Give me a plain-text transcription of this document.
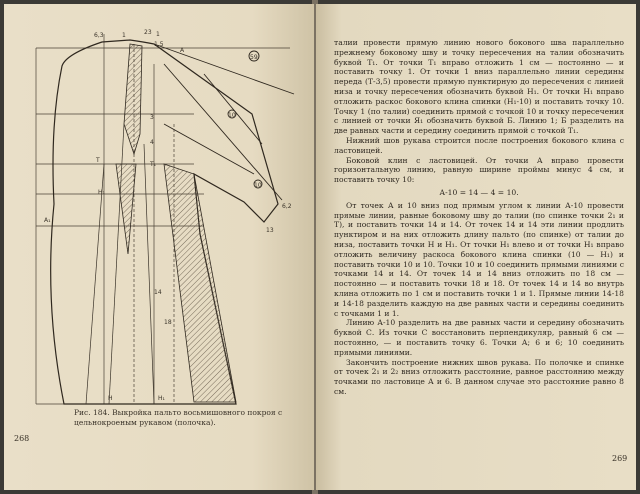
6,3	1	23 1
1,5
А
59
3
4
10
Т
Т₁
Н₁
А₁
10
6,2
13
Н	Н₁
14
18
Рис. 184. Выкройка пальто восьмишовного покроя с цельнокроеным рукавом (полочка).
268

талии провести прямую линию нового бокового шва параллельно прежнему боковому шву и точку пересечения на талии обозначить буквой Т₁. От точки Т₁ вправо отложить 1 см — постоянно — и поставить точку 1. От точки 1 вниз параллельно линии середины переда (Т-3,5) провести прямую пунктирную до пересечения с линией низа и точку пересечения обозначить буквой Н₁. От точки Н₁ вправо отложить раскос бокового клина спинки (Н₁-10) и поставить точку 10. Точку 1 (по талии) соединить прямой с точкой 10 и точку пересечения с линией от точки Я₁ обозначить буквой Б. Линию 1; Б разделить на две равных части и середину соединить прямой с точкой Т₁.

Нижний шов рукава строится после построения бокового клина с ластовицей.

Боковой клин с ластовицей. От точки А вправо провести горизонтальную линию, равную ширине проймы минус 4 см, и поставить точку 10:

А-10 = 14 — 4 = 10.

От точек А и 10 вниз под прямым углом к линии А-10 провести прямые линии, равные боковому шву до талии (по спинке точки 2₁ и Т), и поставить точки 14 и 14. От точек 14 и 14 эти линии продлить пунктиром и на них отложить длину пальто (по спинке) от талии до низа, поставить точки Н и Н₁. От точки Н₁ влево и от точки Н₁ вправо отложить величину раскоса бокового клина спинки (10 — Н₁) и поставить точки 10 и 10. Точки 10 и 10 соединить прямыми линиями с точками 14 и 14. От точек 14 и 14 вниз отложить по 18 см — постоянно — и поставить точки 18 и 18. От точек 14 и 14 во внутрь клина отложить по 1 см и поставить точки 1 и 1. Прямые линии 14-18 и 14-18 разделить каждую на две равных части и середины соединить с точками 1 и 1.

Линию А-10 разделить на две равных части и середину обозначить буквой С. Из точки С восстановить перпендикуляр, равный 6 см — постоянно, — и поставить точку 6. Точки А; 6 и 6; 10 соединить прямыми линиями.

Закончить построение нижних швов рукава. По полочке и спинке от точек 2₁ и 2₂ вниз отложить расстояние, равное расстоянию между точками по ластовице А и 6. В данном случае это расстояние равно 8 см.

269
